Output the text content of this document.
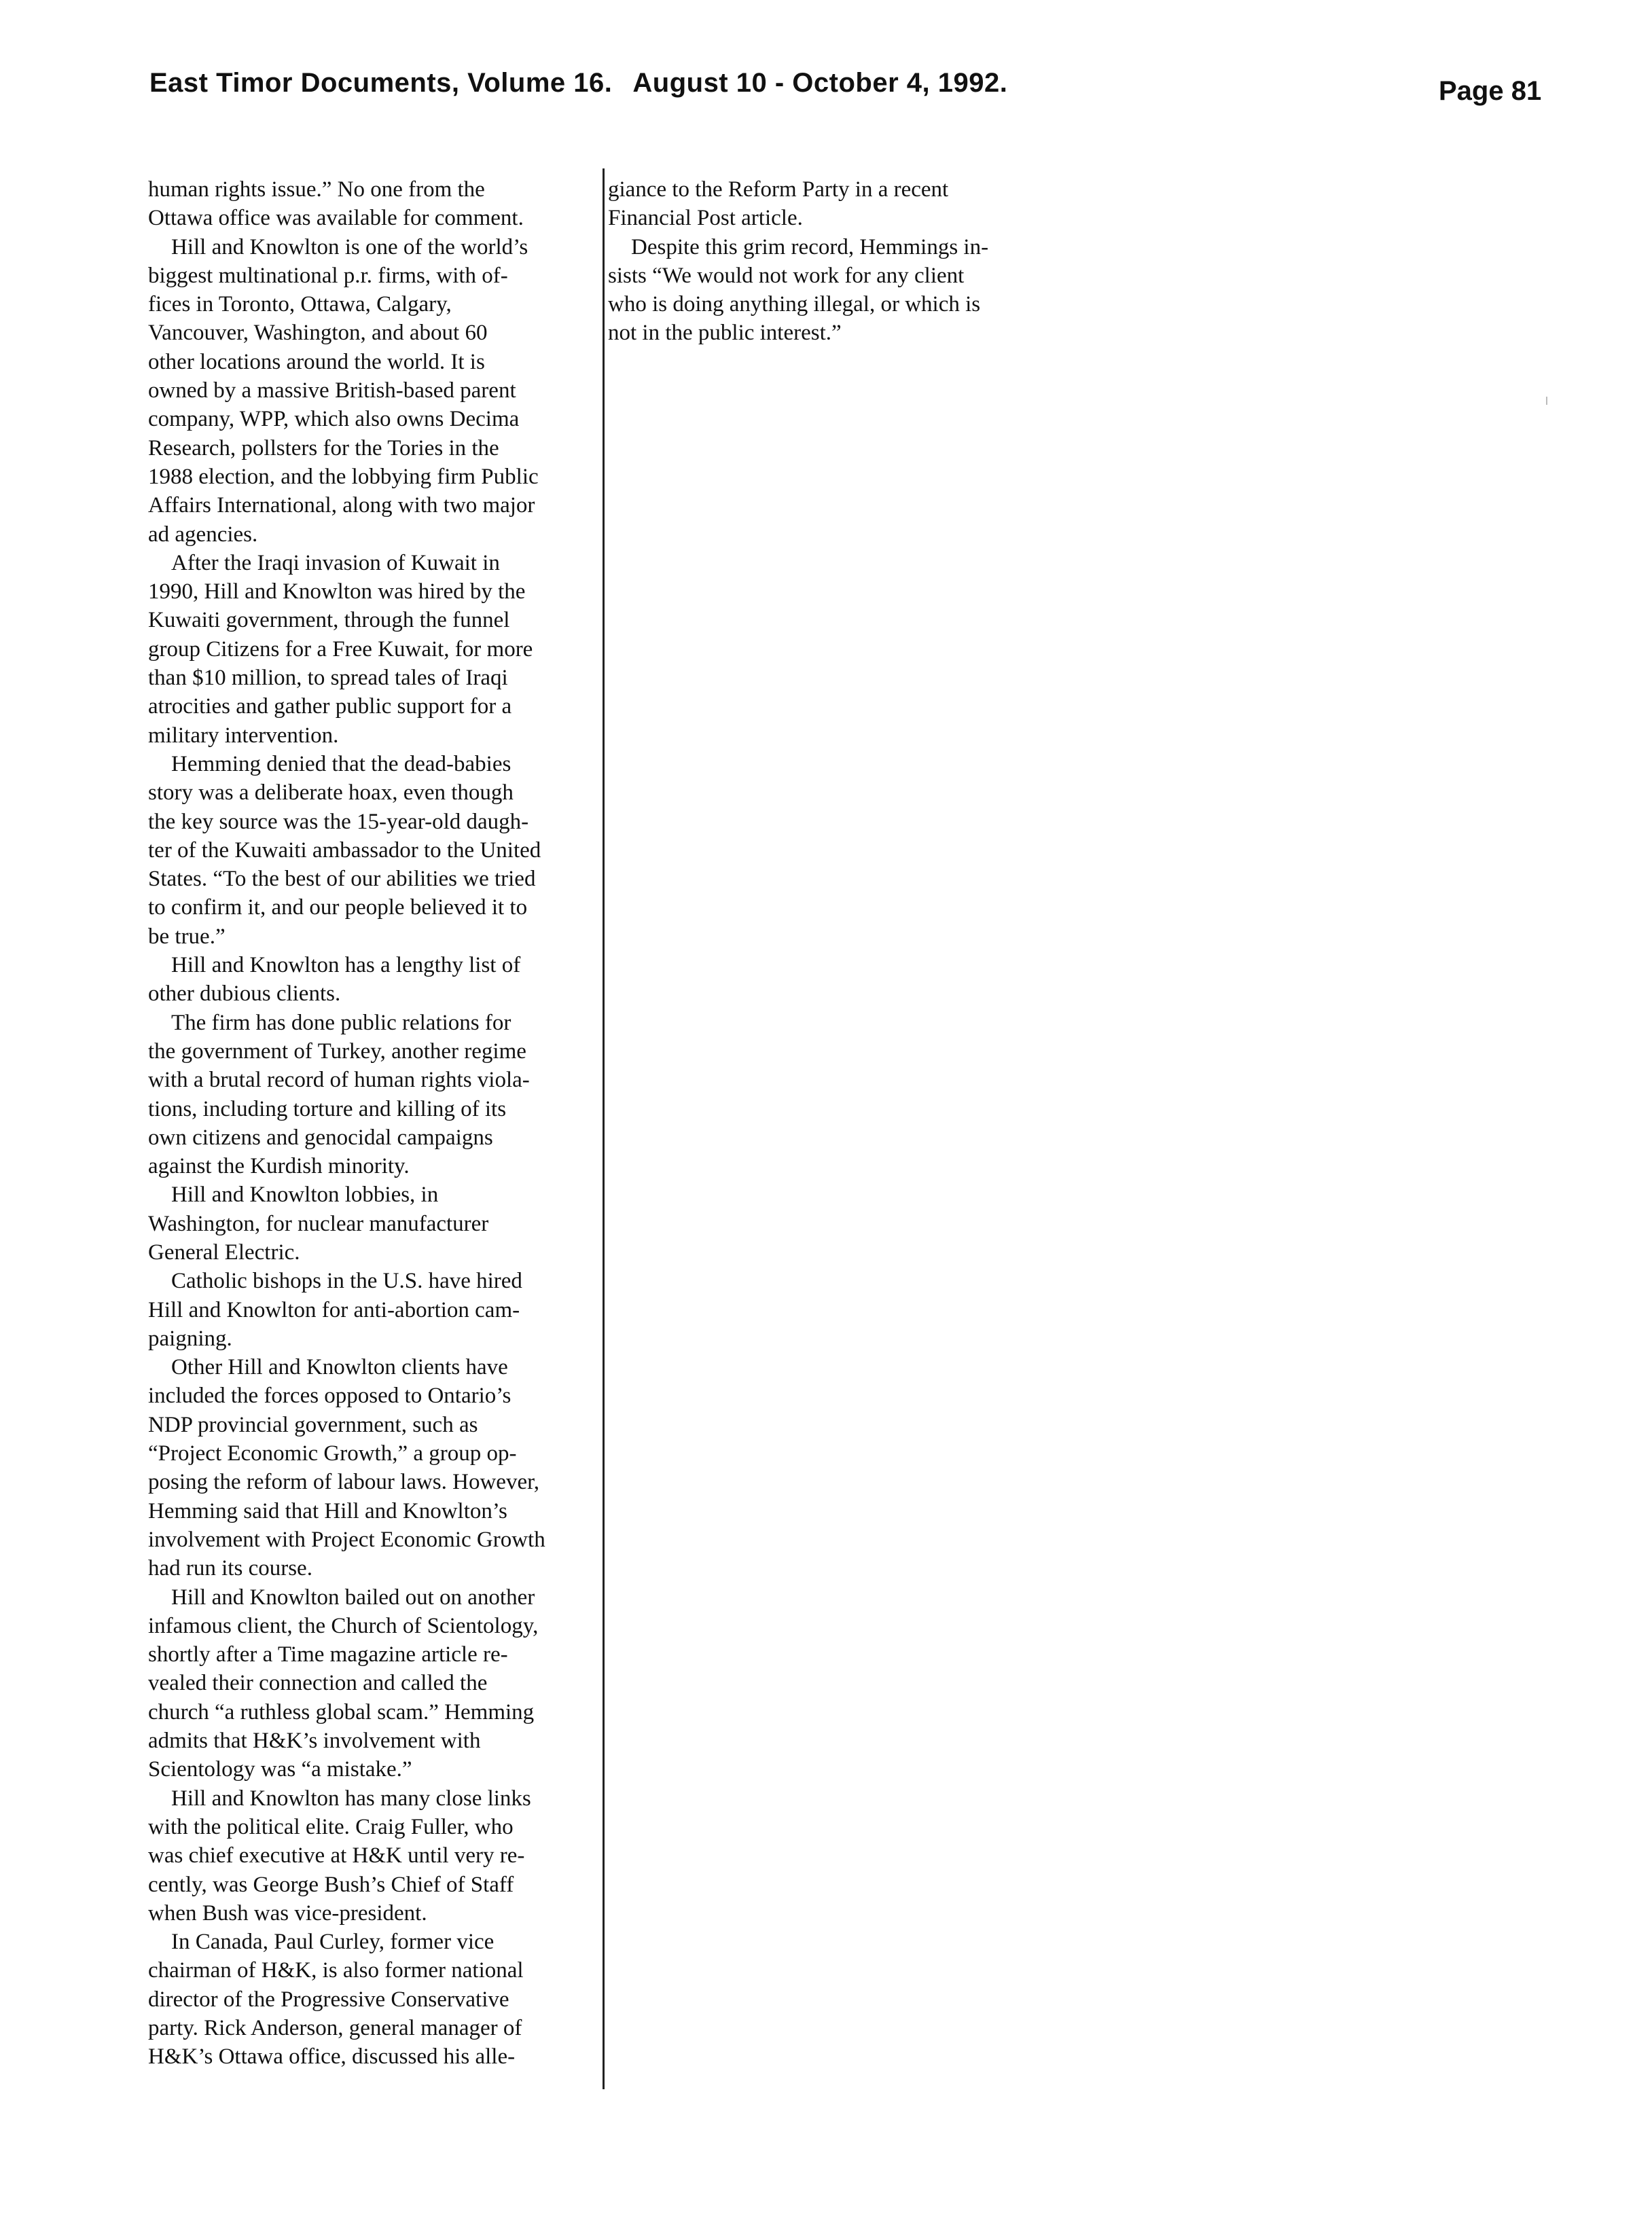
East Timor Documents, Volume 16. August 10 - October 4, 1992.	Page 81
human rights issue.” No one from the
Ottawa office was available for comment.
Hill and Knowlton is one of the world’s
biggest multinational p.r. firms, with of-
fices in Toronto, Ottawa, Calgary,
Vancouver, Washington, and about 60
other locations around the world. It is
owned by a massive British-based parent
company, WPP, which also owns Decima
Research, pollsters for the Tories in the
1988 election, and the lobbying firm Public
Affairs International, along with two major
ad agencies.
After the Iraqi invasion of Kuwait in
1990, Hill and Knowlton was hired by the
Kuwaiti government, through the funnel
group Citizens for a Free Kuwait, for more
than $10 million, to spread tales of Iraqi
atrocities and gather public support for a
military intervention.
Hemming denied that the dead-babies
story was a deliberate hoax, even though
the key source was the 15-year-old daugh-
ter of the Kuwaiti ambassador to the United
States. “To the best of our abilities we tried
to confirm it, and our people believed it to
be true.”
Hill and Knowlton has a lengthy list of
other dubious clients.
The firm has done public relations for
the government of Turkey, another regime
with a brutal record of human rights viola-
tions, including torture and killing of its
own citizens and genocidal campaigns
against the Kurdish minority.
Hill and Knowlton lobbies, in
Washington, for nuclear manufacturer
General Electric.
Catholic bishops in the U.S. have hired
Hill and Knowlton for anti-abortion cam-
paigning.
Other Hill and Knowlton clients have
included the forces opposed to Ontario’s
NDP provincial government, such as
“Project Economic Growth,” a group op-
posing the reform of labour laws. However,
Hemming said that Hill and Knowlton’s
involvement with Project Economic Growth
had run its course.
Hill and Knowlton bailed out on another
infamous client, the Church of Scientology,
shortly after a Time magazine article re-
vealed their connection and called the
church “a ruthless global scam.” Hemming
admits that H&K’s involvement with
Scientology was “a mistake.”
Hill and Knowlton has many close links
with the political elite. Craig Fuller, who
was chief executive at H&K until very re-
cently, was George Bush’s Chief of Staff
when Bush was vice-president.
In Canada, Paul Curley, former vice
chairman of H&K, is also former national
director of the Progressive Conservative
party. Rick Anderson, general manager of
H&K’s Ottawa office, discussed his alle-
giance to the Reform Party in a recent
Financial Post article.
Despite this grim record, Hemmings in-
sists “We would not work for any client
who is doing anything illegal, or which is
not in the public interest.”
